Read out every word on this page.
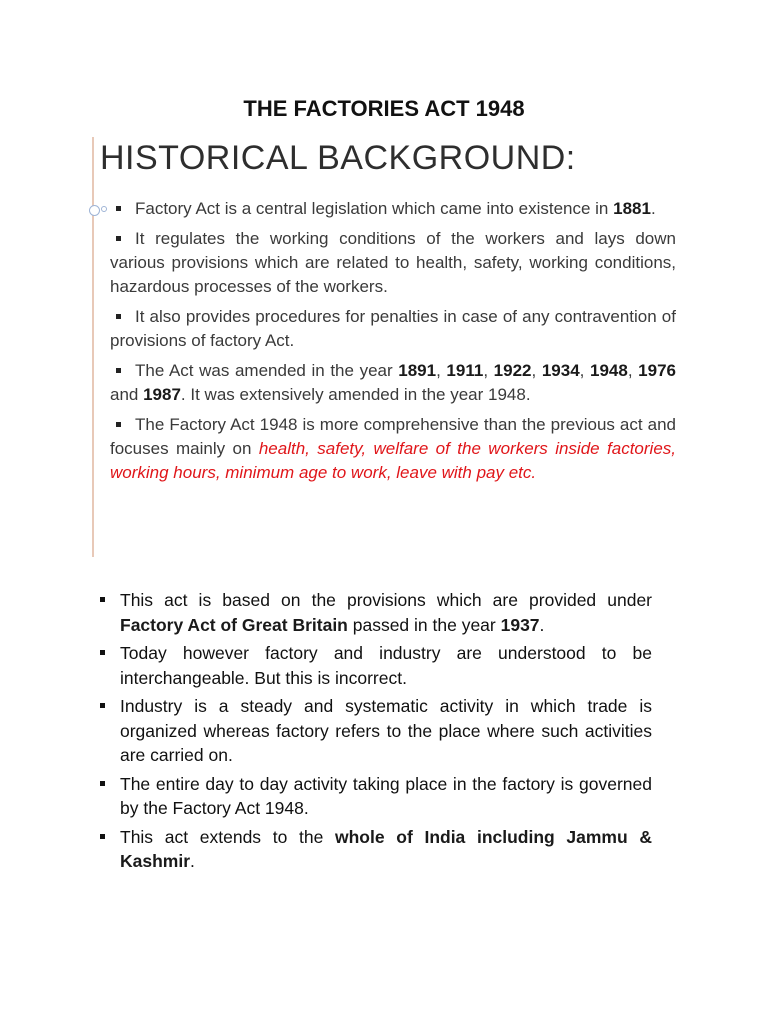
THE FACTORIES ACT 1948
HISTORICAL BACKGROUND:
Factory Act is a central legislation which came into existence in 1881.
It regulates the working conditions of the workers and lays down various provisions which are related to health, safety, working conditions, hazardous processes of the workers.
It also provides procedures for penalties in case of any contravention of provisions of factory Act.
The Act was amended in the year 1891, 1911, 1922, 1934, 1948, 1976 and 1987. It was extensively amended in the year 1948.
The Factory Act 1948 is more comprehensive than the previous act and focuses mainly on health, safety, welfare of the workers inside factories, working hours, minimum age to work, leave with pay etc.
This act is based on the provisions which are provided under Factory Act of Great Britain passed in the year 1937.
Today however factory and industry are understood to be interchangeable. But this is incorrect.
Industry is a steady and systematic activity in which trade is organized whereas factory refers to the place where such activities are carried on.
The entire day to day activity taking place in the factory is governed by the Factory Act 1948.
This act extends to the whole of India including Jammu & Kashmir.
